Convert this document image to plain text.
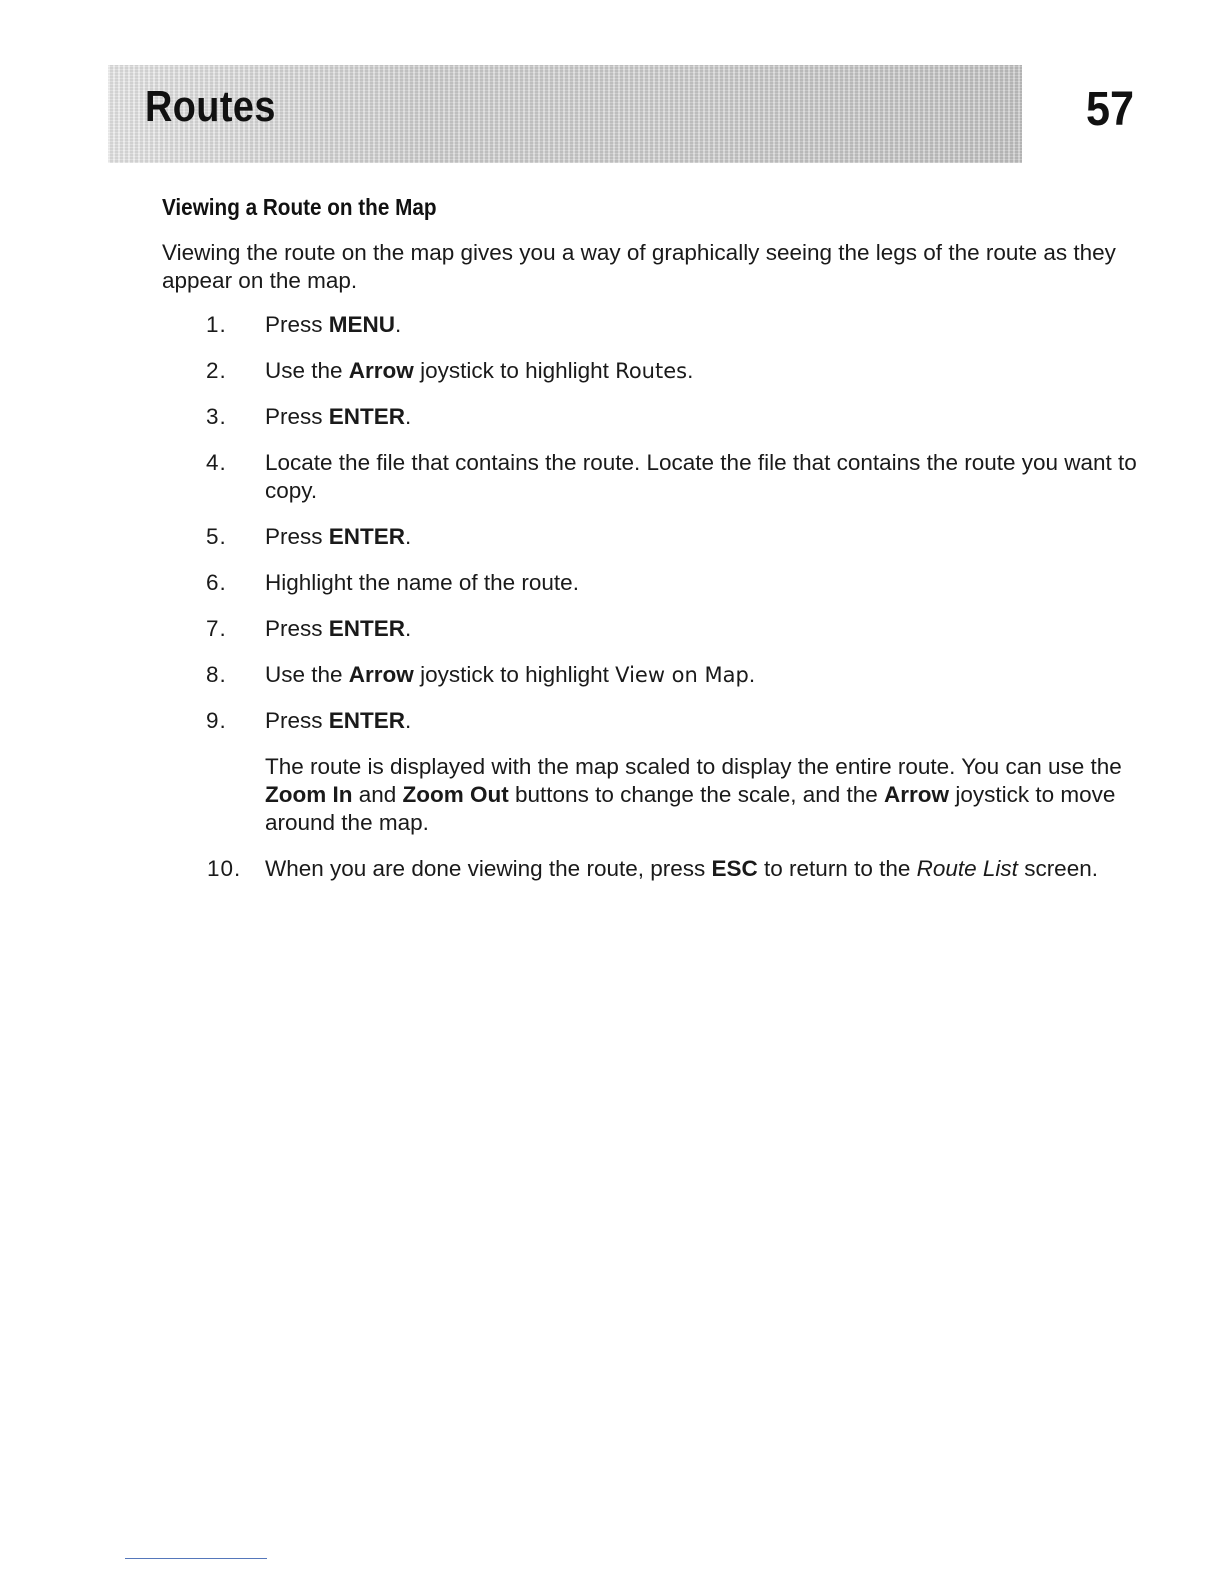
Routes	57
Viewing a Route on the Map

Viewing the route on the map gives you a way of graphically seeing the legs of the route as they appear on the map.

1.	Press MENU.
2.	Use the Arrow joystick to highlight Routes.
3.	Press ENTER.
4.	Locate the file that contains the route. Locate the file that contains the route you want to copy.
5.	Press ENTER.
6.	Highlight the name of the route.
7.	Press ENTER.
8.	Use the Arrow joystick to highlight View on Map.
9.	Press ENTER.
The route is displayed with the map scaled to display the entire route. You can use the Zoom In and Zoom Out buttons to change the scale, and the Arrow joystick to move around the map.
10. When you are done viewing the route, press ESC to return to the Route List screen.
